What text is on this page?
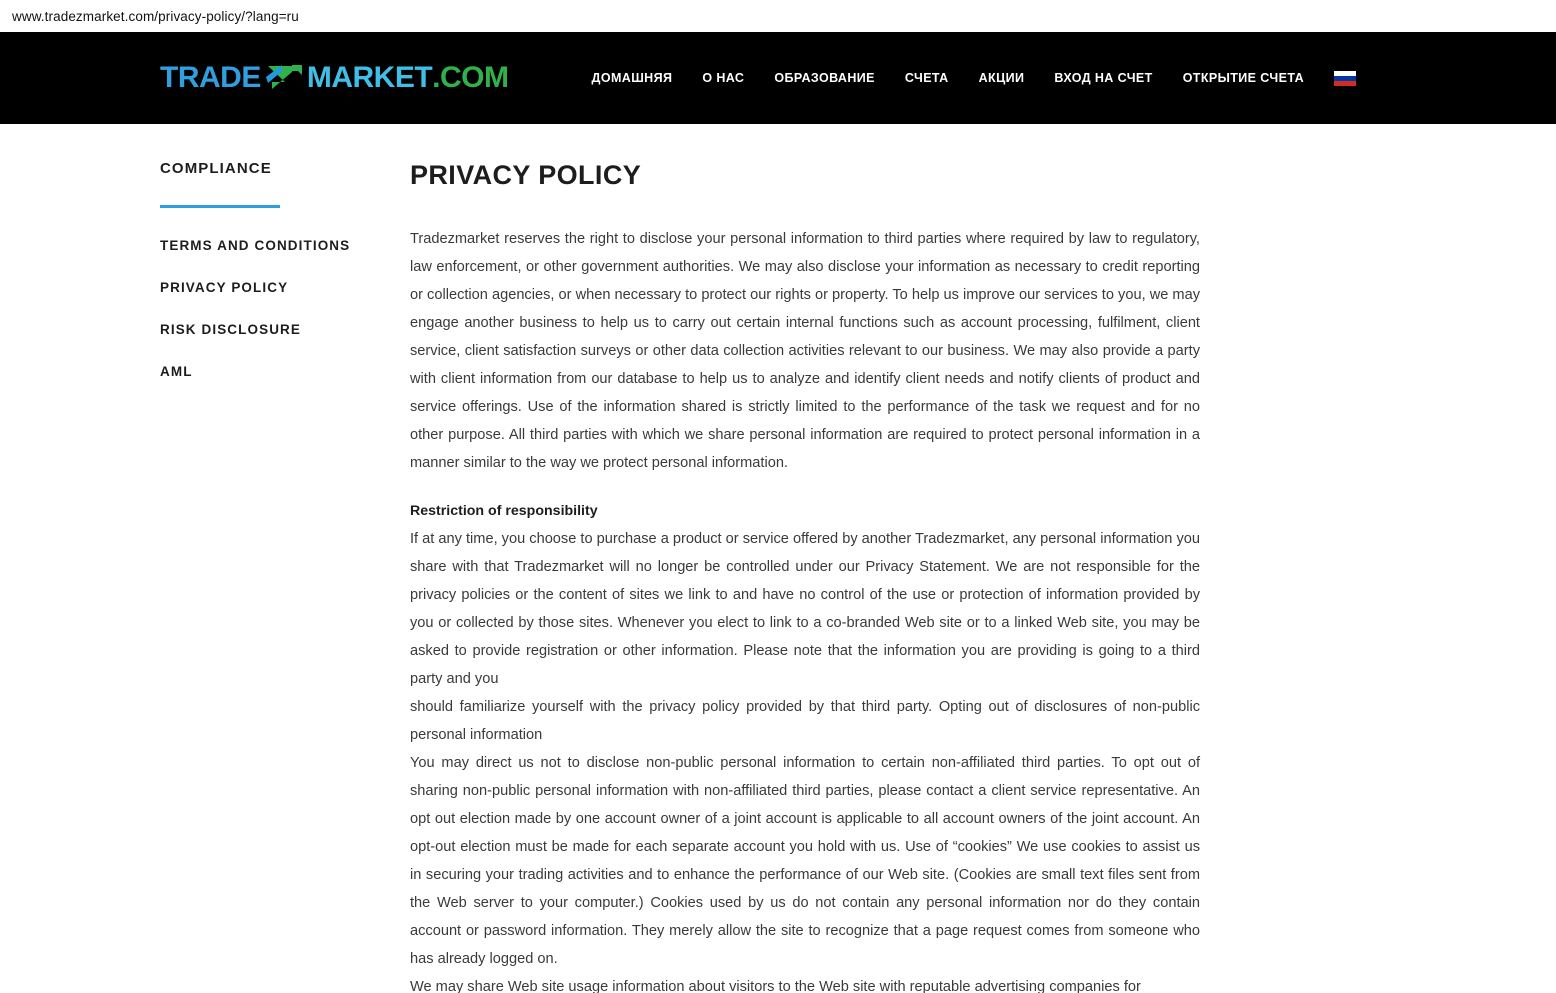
www.tradezmarket.com/privacy-policy/?lang=ru
TRADE MARKET .COM	ДОМАШНЯЯ О НАС ОБРАЗОВАНИЕ СЧЕТА АКЦИИ ВХОД НА СЧЕТ ОТКРЫТИЕ СЧЕТА
COMPLIANCE
TERMS AND CONDITIONS
PRIVACY POLICY
RISK DISCLOSURE
AML
PRIVACY POLICY

Tradezmarket reserves the right to disclose your personal information to third parties where required by law to regulatory, law enforcement, or other government authorities. We may also disclose your information as necessary to credit reporting or collection agencies, or when necessary to protect our rights or property. To help us improve our services to you, we may engage another business to help us to carry out certain internal functions such as account processing, fulfilment, client service, client satisfaction surveys or other data collection activities relevant to our business. We may also provide a party with client information from our database to help us to analyze and identify client needs and notify clients of product and service offerings. Use of the information shared is strictly limited to the performance of the task we request and for no other purpose. All third parties with which we share personal information are required to protect personal information in a manner similar to the way we protect personal information.

Restriction of responsibility

If at any time, you choose to purchase a product or service offered by another Tradezmarket, any personal information you share with that Tradezmarket will no longer be controlled under our Privacy Statement. We are not responsible for the privacy policies or the content of sites we link to and have no control of the use or protection of information provided by you or collected by those sites. Whenever you elect to link to a co-branded Web site or to a linked Web site, you may be asked to provide registration or other information. Please note that the information you are providing is going to a third party and you

should familiarize yourself with the privacy policy provided by that third party. Opting out of disclosures of non-public personal information

You may direct us not to disclose non-public personal information to certain non-affiliated third parties. To opt out of sharing non-public personal information with non-affiliated third parties, please contact a client service representative. An opt out election made by one account owner of a joint account is applicable to all account owners of the joint account. An opt-out election must be made for each separate account you hold with us. Use of “cookies” We use cookies to assist us in securing your trading activities and to enhance the performance of our Web site. (Cookies are small text files sent from the Web server to your computer.) Cookies used by us do not contain any personal information nor do they contain account or password information. They merely allow the site to recognize that a page request comes from someone who has already logged on.

We may share Web site usage information about visitors to the Web site with reputable advertising companies for
